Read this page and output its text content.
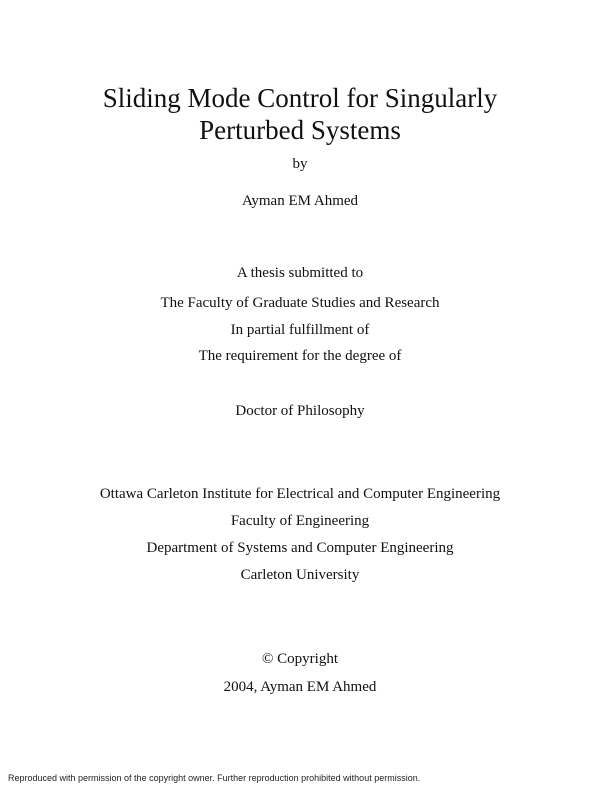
Sliding Mode Control for Singularly
Perturbed Systems
by
Ayman EM Ahmed
A thesis submitted to
The Faculty of Graduate Studies and Research
In partial fulfillment of
The requirement for the degree of
Doctor of Philosophy
Ottawa Carleton Institute for Electrical and Computer Engineering
Faculty of Engineering
Department of Systems and Computer Engineering
Carleton University
© Copyright
2004, Ayman EM Ahmed
Reproduced with permission of the copyright owner. Further reproduction prohibited without permission.
